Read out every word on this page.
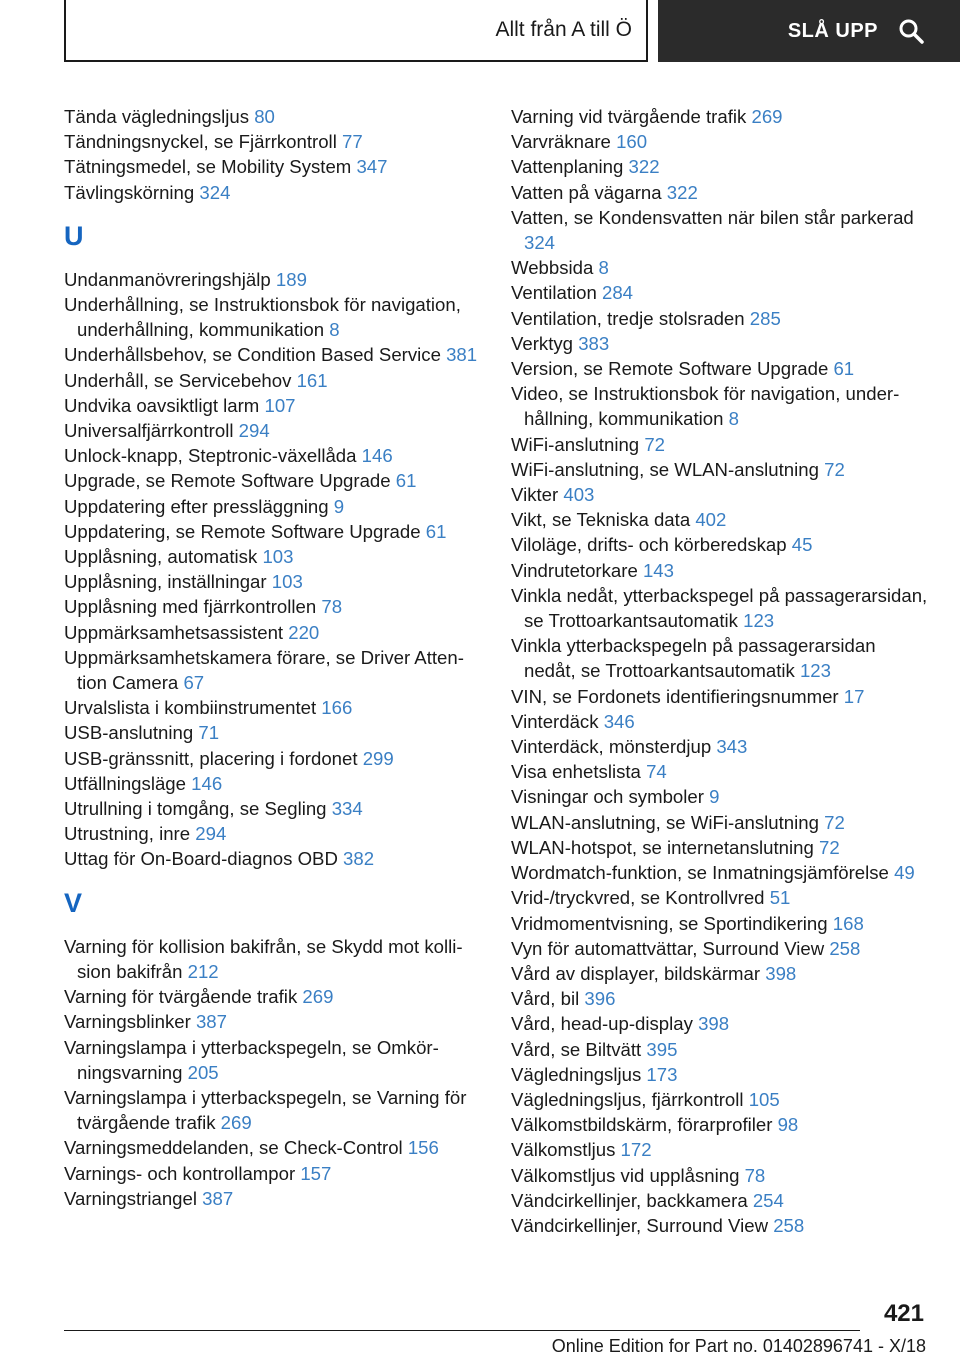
Allt från A till Ö	SLÅ UPP
Tända vägledningsljus 80
Tändningsnyckel, se Fjärrkontroll 77
Tätningsmedel, se Mobility System 347
Tävlingskörning 324
U
Undanmanövreringshjälp 189
Underhållning, se Instruktionsbok för navigation, underhållning, kommunikation 8
Underhållsbehov, se Condition Based Service 381
Underhåll, se Servicebehov 161
Undvika oavsiktligt larm 107
Universalfjärrkontroll 294
Unlock-knapp, Steptronic-växellåda 146
Upgrade, se Remote Software Upgrade 61
Uppdatering efter pressläggning 9
Uppdatering, se Remote Software Upgrade 61
Upplåsning, automatisk 103
Upplåsning, inställningar 103
Upplåsning med fjärrkontrollen 78
Uppmärksamhetsassistent 220
Uppmärksamhetskamera förare, se Driver Attention Camera 67
Urvalslista i kombiinstrumentet 166
USB-anslutning 71
USB-gränssnitt, placering i fordonet 299
Utfällningsläge 146
Utrullning i tomgång, se Segling 334
Utrustning, inre 294
Uttag för On-Board-diagnos OBD 382
V
Varning för kollision bakifrån, se Skydd mot kollision bakifrån 212
Varning för tvärgående trafik 269
Varningsblinker 387
Varningslampa i ytterbackspegeln, se Omkörningsvarning 205
Varningslampa i ytterbackspegeln, se Varning för tvärgående trafik 269
Varningsmeddelanden, se Check-Control 156
Varnings- och kontrollampor 157
Varningstriangel 387
Varning vid tvärgående trafik 269
Varvräknare 160
Vattenplaning 322
Vatten på vägarna 322
Vatten, se Kondensvatten när bilen står parkerad 324
Webbsida 8
Ventilation 284
Ventilation, tredje stolsraden 285
Verktyg 383
Version, se Remote Software Upgrade 61
Video, se Instruktionsbok för navigation, underhållning, kommunikation 8
WiFi-anslutning 72
WiFi-anslutning, se WLAN-anslutning 72
Vikter 403
Vikt, se Tekniska data 402
Viloläge, drifts- och körberedskap 45
Vindrutetorkare 143
Vinkla nedåt, ytterbackspegel på passagerarsidan, se Trottoarkantsautomatik 123
Vinkla ytterbackspegeln på passagerarsidan nedåt, se Trottoarkantsautomatik 123
VIN, se Fordonets identifieringsnummer 17
Vinterdäck 346
Vinterdäck, mönsterdjup 343
Visa enhetslista 74
Visningar och symboler 9
WLAN-anslutning, se WiFi-anslutning 72
WLAN-hotspot, se internetanslutning 72
Wordmatch-funktion, se Inmatningsjämförelse 49
Vrid-/tryckvred, se Kontrollvred 51
Vridmomentvisning, se Sportindikering 168
Vyn för automattvättar, Surround View 258
Vård av displayer, bildskärmar 398
Vård, bil 396
Vård, head-up-display 398
Vård, se Biltvätt 395
Vägledningsljus 173
Vägledningsljus, fjärrkontroll 105
Välkomstbildskärm, förarprofiler 98
Välkomstljus 172
Välkomstljus vid upplåsning 78
Vändcirkellinjer, backkamera 254
Vändcirkellinjer, Surround View 258
421
Online Edition for Part no. 01402896741 - X/18
